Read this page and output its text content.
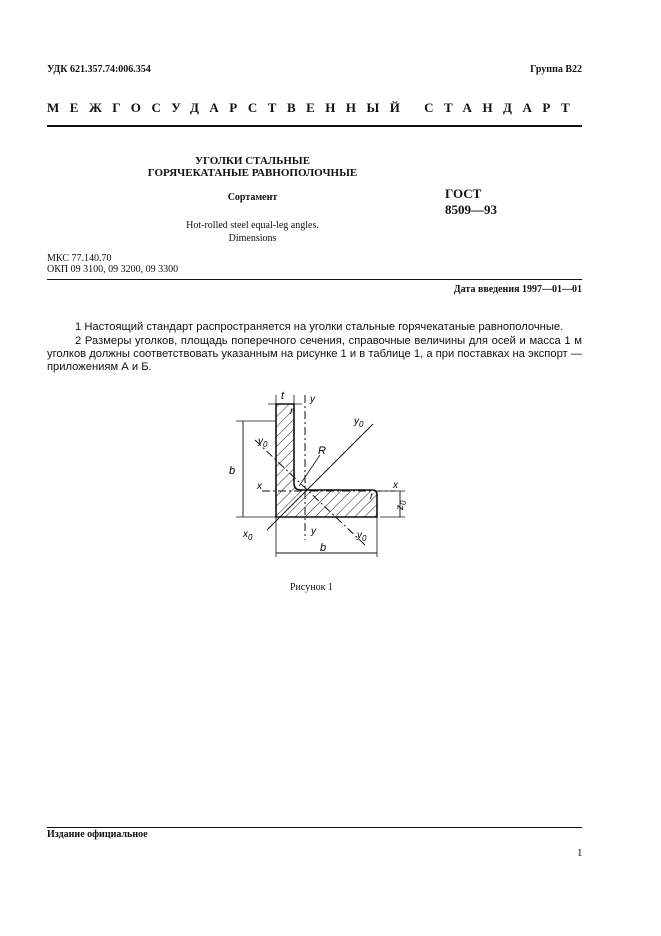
УДК 621.357.74:006.354	Группа В22
МЕЖГОСУДАРСТВЕННЫЙ СТАНДАРТ
УГОЛКИ СТАЛЬНЫЕ
ГОРЯЧЕКАТАНЫЕ РАВНОПОЛОЧНЫЕ
Сортамент	ГОСТ
8509—93
Hot-rolled steel equal-leg angles.
Dimensions
МКС 77.140.70
ОКП 09 3100, 09 3200, 09 3300
Дата введения 1997—01—01
1 Настоящий стандарт распространяется на уголки стальные горячекатаные равнополочные.
2 Размеры уголков, площадь поперечного сечения, справочные величины для осей и масса 1 м уголков должны соответствовать указанным на рисунке 1 и в таблице 1, а при поставках на экспорт — приложениям А и Б.
t
r
y
$y_0$
$y_0$
b
R
x	x
r
$z_0$
y
$x_0$	$y_0$
b
Рисунок 1
Издание официальное
1
